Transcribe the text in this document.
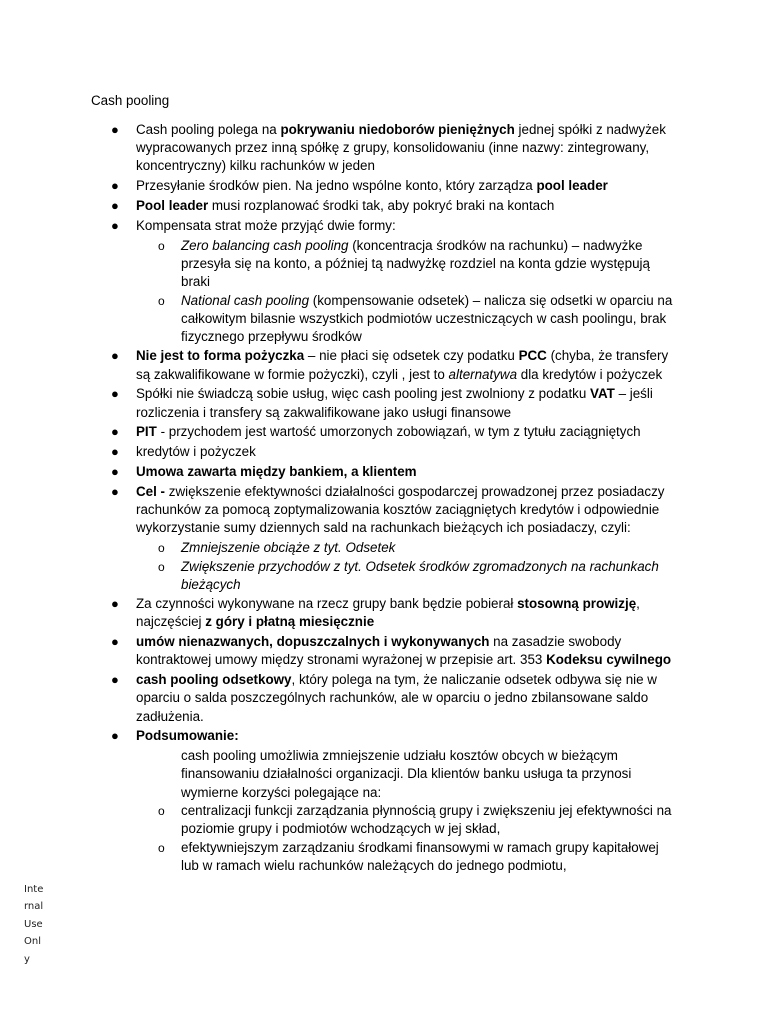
Cash pooling
● Cash pooling polega na pokrywaniu niedoborów pieniężnych jednej spółki z nadwyżek wypracowanych przez inną spółkę z grupy, konsolidowaniu (inne nazwy: zintegrowany, koncentryczny) kilku rachunków w jeden
● Przesyłanie środków pien. Na jedno wspólne konto, który zarządza pool leader
● Pool leader musi rozplanować środki tak, aby pokryć braki na kontach
● Kompensata strat może przyjąć dwie formy:
o Zero balancing cash pooling (koncentracja środków na rachunku) – nadwyżke przesyła się na konto, a później tą nadwyżkę rozdziel na konta gdzie występują braki
o National cash pooling (kompensowanie odsetek) – nalicza się odsetki w oparciu na całkowitym bilasnie wszystkich podmiotów uczestniczących w cash poolingu, brak fizycznego przepływu środków
● Nie jest to forma pożyczka – nie płaci się odsetek czy podatku PCC (chyba, że transfery są zakwalifikowane w formie pożyczki), czyli , jest to alternatywa dla kredytów i pożyczek
● Spółki nie świadczą sobie usług, więc cash pooling jest zwolniony z podatku VAT – jeśli rozliczenia i transfery są zakwalifikowane jako usługi finansowe
● PIT - przychodem jest wartość umorzonych zobowiązań, w tym z tytułu zaciągniętych
● kredytów i pożyczek
● Umowa zawarta między bankiem, a klientem
● Cel - zwiększenie efektywności działalności gospodarczej prowadzonej przez posiadaczy rachunków za pomocą zoptymalizowania kosztów zaciągniętych kredytów i odpowiednie wykorzystanie sumy dziennych sald na rachunkach bieżących ich posiadaczy, czyli:
o Zmniejszenie obciąże z tyt. Odsetek
o Zwiększenie przychodów z tyt. Odsetek środków zgromadzonych na rachunkach bieżących
● Za czynności wykonywane na rzecz grupy bank będzie pobierał stosowną prowizję, najczęściej z góry i płatną miesięcznie
● umów nienazwanych, dopuszczalnych i wykonywanych na zasadzie swobody kontraktowej umowy między stronami wyrażonej w przepisie art. 353 Kodeksu cywilnego
● cash pooling odsetkowy, który polega na tym, że naliczanie odsetek odbywa się nie w oparciu o salda poszczególnych rachunków, ale w oparciu o jedno zbilansowane saldo zadłużenia.
● Podsumowanie:
cash pooling umożliwia zmniejszenie udziału kosztów obcych w bieżącym finansowaniu działalności organizacji. Dla klientów banku usługa ta przynosi wymierne korzyści polegające na:
o centralizacji funkcji zarządzania płynnością grupy i zwiększeniu jej efektywności na poziomie grupy i podmiotów wchodzących w jej skład,
o efektywniejszym zarządzaniu środkami finansowymi w ramach grupy kapitałowej lub w ramach wielu rachunków należących do jednego podmiotu,
Internal Use Only
